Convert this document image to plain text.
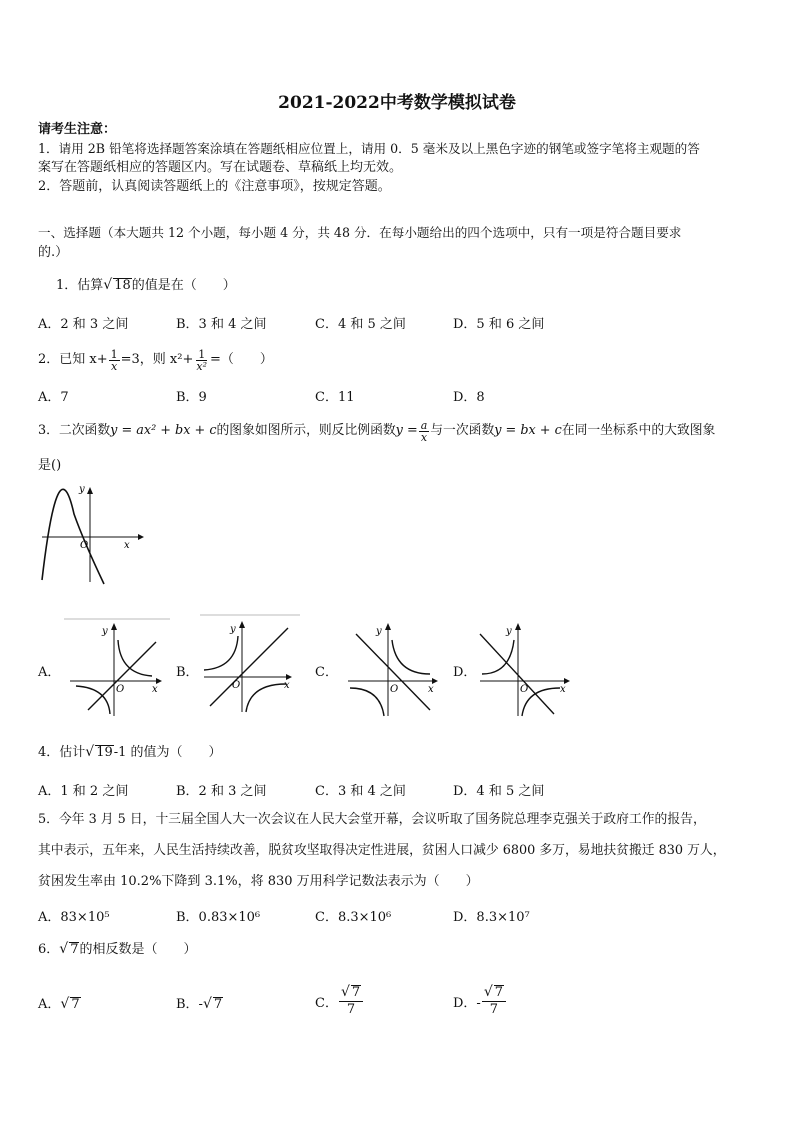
2021-2022中考数学模拟试卷
请考生注意：
1．请用 2B 铅笔将选择题答案涂填在答题纸相应位置上，请用 0．5 毫米及以上黑色字迹的钢笔或签字笔将主观题的答
案写在答题纸相应的答题区内。写在试题卷、草稿纸上均无效。
2．答题前，认真阅读答题纸上的《注意事项》，按规定答题。
一、选择题（本大题共 12 个小题，每小题 4 分，共 48 分．在每小题给出的四个选项中，只有一项是符合题目要求
的.）
1．估算√ 18的值是在（　　）
A．2 和 3 之间	B．3 和 4 之间	C．4 和 5 之间	D．5 和 6 之间
2．已知 $x+ \frac{1}{x} =3$，则 $x^2+ \frac{1}{\text{x²}}$ =（　　）
A．7	B．9	C．11	D．8
3．二次函数 y = ax² + bx + c 的图象如图所示，则反比例函数 $y = \frac{a}{x}$ 与一次函数 y = bx + c 在同一坐标系中的大致图象
是()
y
x
O
A．
y
x
O
B．
y
x
O
C．
y
x
O
D．
y
x
O
4．估计√ 19-1 的值为（　　）
A．1 和 2 之间	B．2 和 3 之间	C．3 和 4 之间	D．4 和 5 之间
5．今年 3 月 5 日，十三届全国人大一次会议在人民大会堂开幕，会议听取了国务院总理李克强关于政府工作的报告，
其中表示，五年来，人民生活持续改善，脱贫攻坚取得决定性进展，贫困人口减少 6800 多万，易地扶贫搬迁 830 万人，
贫困发生率由 10.2%下降到 3.1%，将 830 万用科学记数法表示为（　　）
A．83×10⁵	B．0.83×10⁶	C．8.3×10⁶	D．8.3×10⁷
6．√ 7的相反数是（　　）
A．√ 7	B．-√ 7	C． $\frac{√ 7}{7}$	D．- $\frac{√ 7}{7}$
